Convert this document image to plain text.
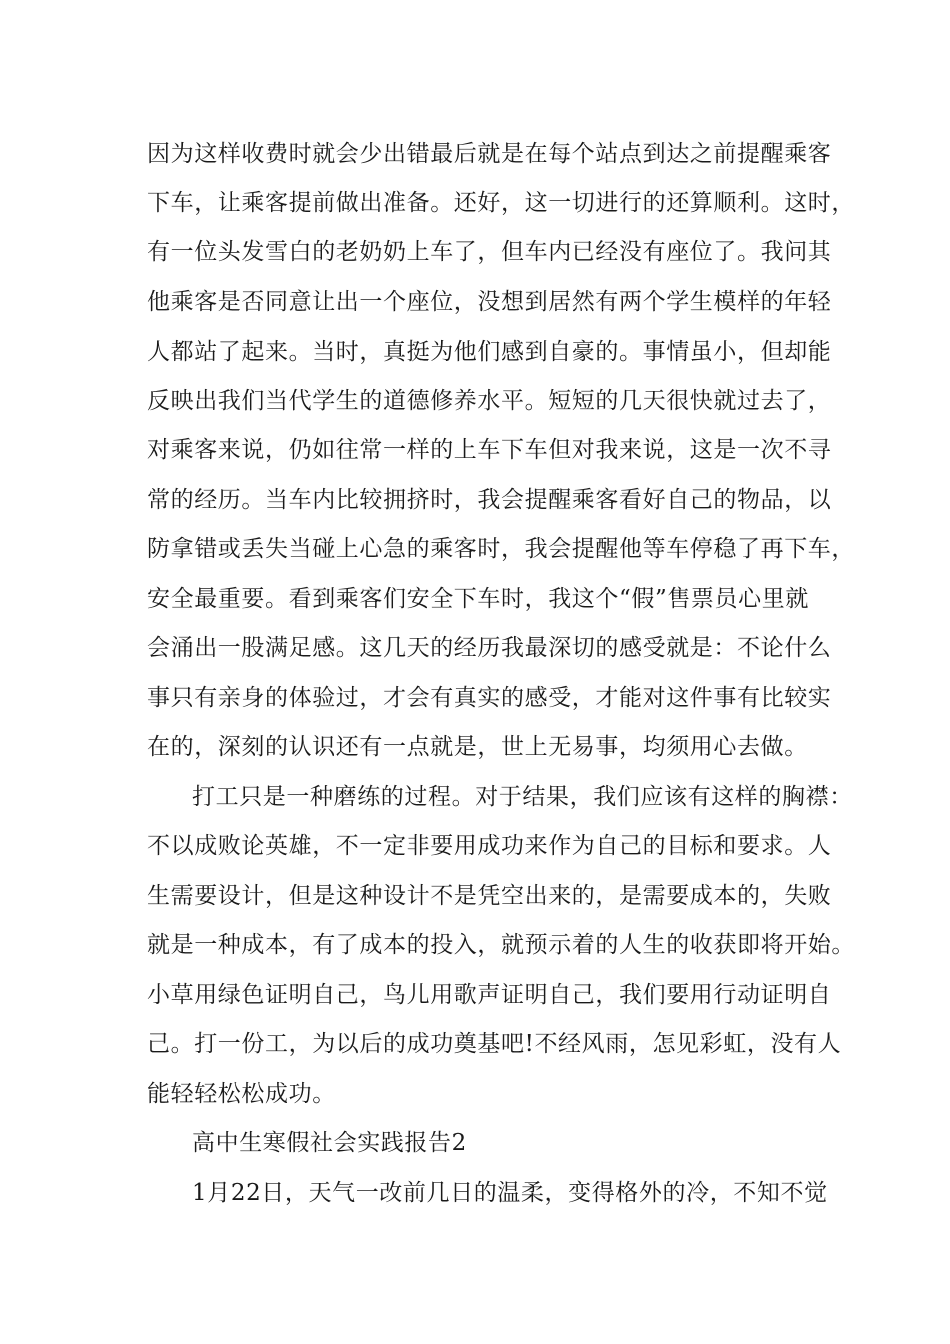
因为这样收费时就会少出错最后就是在每个站点到达之前提醒乘客
下车，让乘客提前做出准备。还好，这一切进行的还算顺利。这时，
有一位头发雪白的老奶奶上车了，但车内已经没有座位了。我问其
他乘客是否同意让出一个座位，没想到居然有两个学生模样的年轻
人都站了起来。当时，真挺为他们感到自豪的。事情虽小，但却能
反映出我们当代学生的道德修养水平。短短的几天很快就过去了，
对乘客来说，仍如往常一样的上车下车但对我来说，这是一次不寻
常的经历。当车内比较拥挤时，我会提醒乘客看好自己的物品，以
防拿错或丢失当碰上心急的乘客时，我会提醒他等车停稳了再下车，
安全最重要。看到乘客们安全下车时，我这个“假”售票员心里就
会涌出一股满足感。这几天的经历我最深切的感受就是：不论什么
事只有亲身的体验过，才会有真实的感受，才能对这件事有比较实
在的，深刻的认识还有一点就是，世上无易事，均须用心去做。
打工只是一种磨练的过程。对于结果，我们应该有这样的胸襟：
不以成败论英雄，不一定非要用成功来作为自己的目标和要求。人
生需要设计，但是这种设计不是凭空出来的，是需要成本的，失败
就是一种成本，有了成本的投入，就预示着的人生的收获即将开始。
小草用绿色证明自己，鸟儿用歌声证明自己，我们要用行动证明自
己。打一份工，为以后的成功奠基吧!不经风雨，怎见彩虹，没有人
能轻轻松松成功。
高中生寒假社会实践报告2
1月22日，天气一改前几日的温柔，变得格外的冷，不知不觉
